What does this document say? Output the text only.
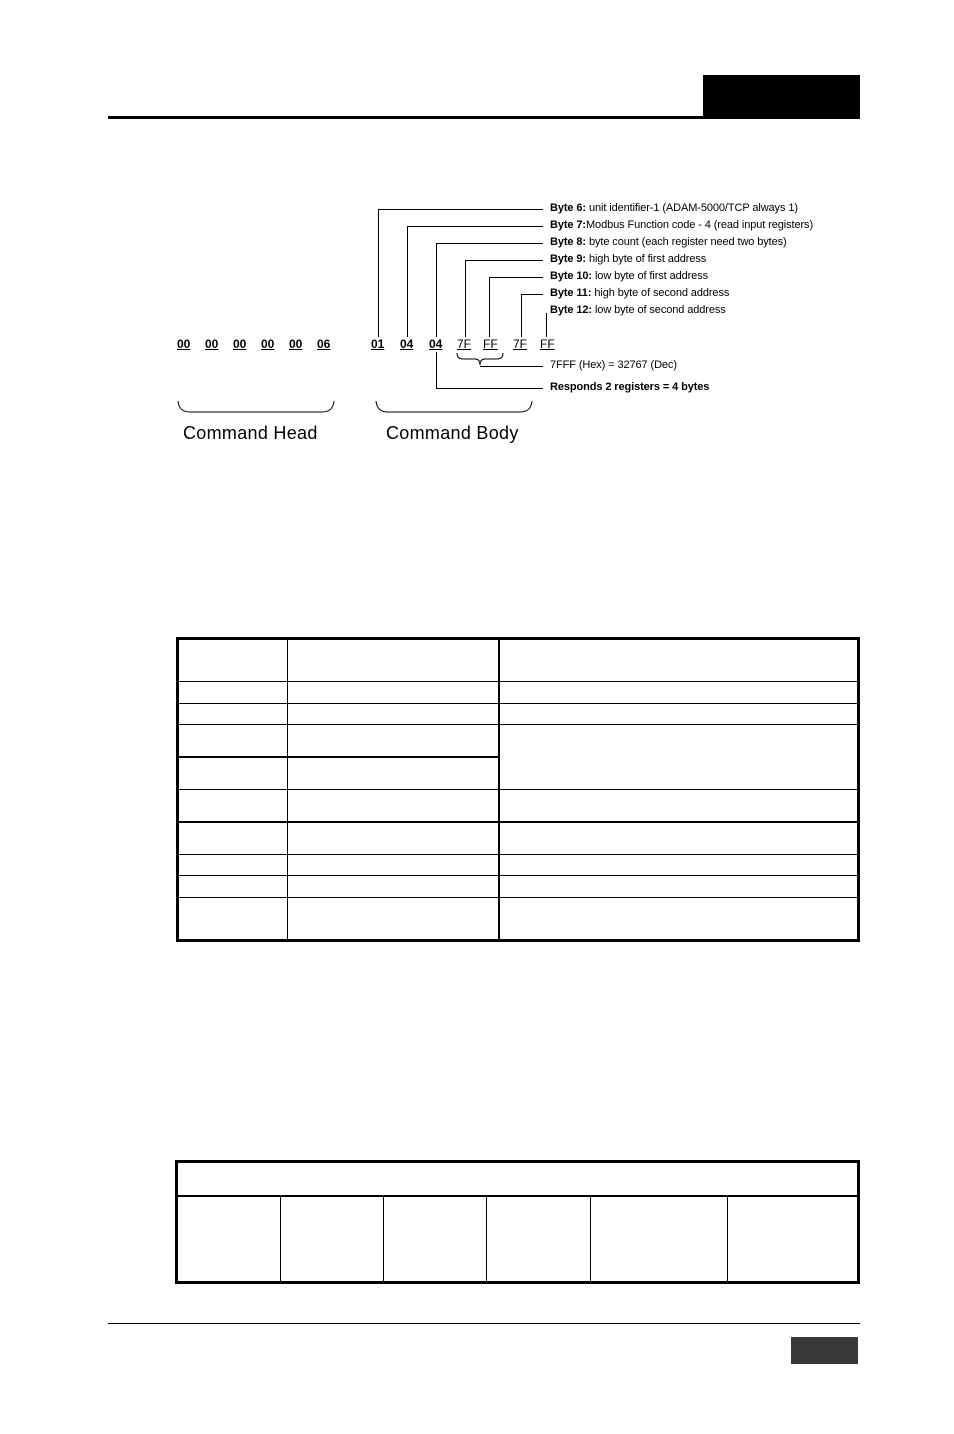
Byte 6: unit identifier-1 (ADAM-5000/TCP always 1)
Byte 7:Modbus Function code - 4 (read input registers)
Byte 8: byte count (each register need two bytes)
Byte 9: high byte of first address
Byte 10: low byte of first address
Byte 11: high byte of second address
Byte 12: low byte of second address
7FFF (Hex) = 32767 (Dec)
Responds 2 registers = 4 bytes
00 00 00 00 00 06	01 04 04 7F FF 7F FF
Command Head	Command Body
